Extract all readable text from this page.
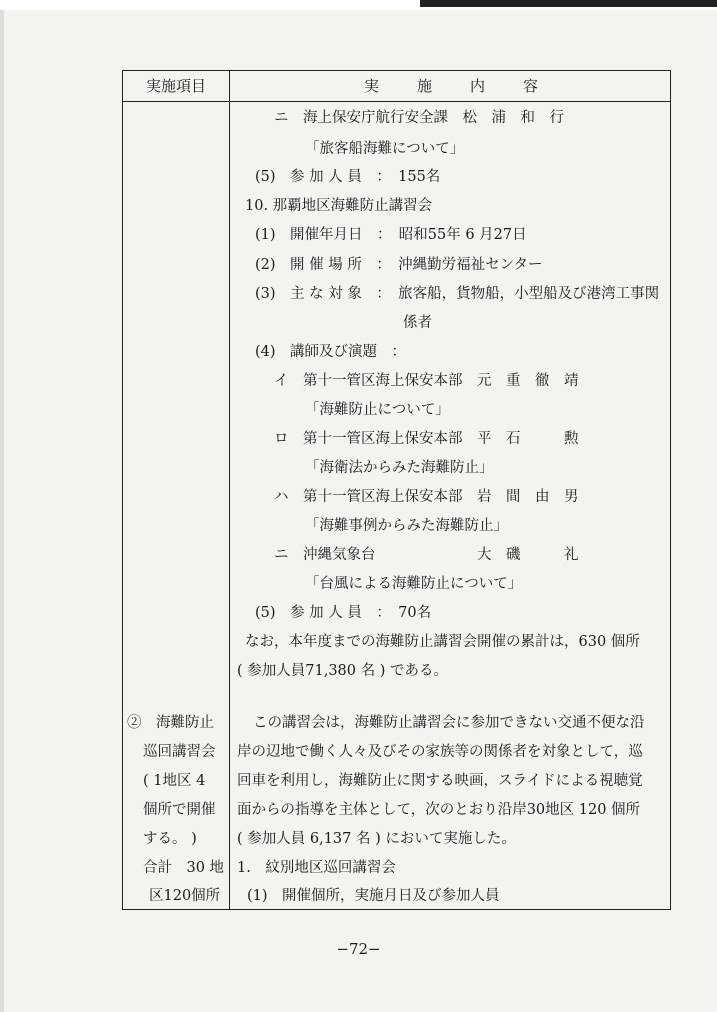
実施項目	実施内容
ニ　海上保安庁航行安全課　松　浦　和　行
「旅客船海難について」
(5)　参 加 人 員　：　155名
10. 那覇地区海難防止講習会
(1)　開催年月日　：　昭和55年 6 月27日
(2)　開 催 場 所　：　沖縄勤労福祉センター
(3)　主 な 対 象　：　旅客船，貨物船，小型船及び港湾工事関
係者
(4)　講師及び演題　：
イ　第十一管区海上保安本部　元　重　徹　靖
「海難防止について」
ロ　第十一管区海上保安本部　平　石　　　勲
「海衛法からみた海難防止」
ハ　第十一管区海上保安本部　岩　間　由　男
「海難事例からみた海難防止」
ニ　沖縄気象台　　　　　　　大　磯　　　礼
「台風による海難防止について」
(5)　参 加 人 員　：　70名
なお，本年度までの海難防止講習会開催の累計は，630 個所
( 参加人員71,380 名 ) である。
この講習会は，海難防止講習会に参加できない交通不便な沿
岸の辺地で働く人々及びその家族等の関係者を対象として，巡
回車を利用し，海難防止に関する映画，スライドによる視聴覚
面からの指導を主体として，次のとおり沿岸30地区 120 個所
( 参加人員 6,137 名 ) において実施した。
1.　紋別地区巡回講習会
(1)　開催個所，実施月日及び参加人員
②　海難防止
巡回講習会
( 1地区 4
個所で開催
する。 )
合計　30 地
区120個所
−72−
